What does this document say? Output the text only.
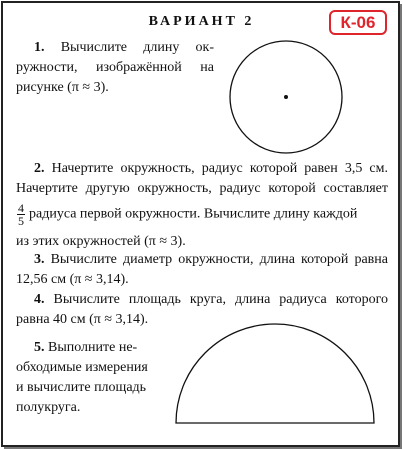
ВАРИАНТ 2	К-06
1. Вычислите длину ок-
ружности, изображённой на
рисунке (π ≈ 3).
2. Начертите окружность, радиус которой равен 3,5 см.
Начертите другую окружность, радиус которой составляет
$\frac{4}{5}$ радиуса первой окружности. Вычислите длину каждой
из этих окружностей (π ≈ 3).
3. Вычислите диаметр окружности, длина которой равна
12,56 см (π ≈ 3,14).
4. Вычислите площадь круга, длина радиуса которого
равна 40 см (π ≈ 3,14).
5. Выполните не-
обходимые измерения
и вычислите площадь
полукруга.
